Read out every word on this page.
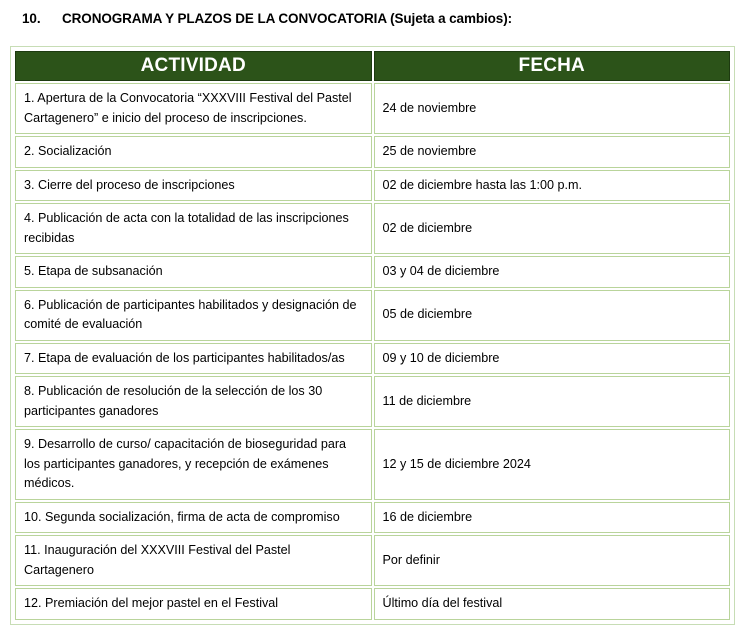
10.	CRONOGRAMA Y PLAZOS DE LA CONVOCATORIA (Sujeta a cambios):
ACTIVIDAD	FECHA

1. Apertura de la Convocatoria “XXXVIII Festival del Pastel Cartagenero” e inicio del proceso de inscripciones.	24 de noviembre

2. Socialización	25 de noviembre

3. Cierre del proceso de inscripciones	02 de diciembre hasta las 1:00 p.m.

4. Publicación de acta con la totalidad de las inscripciones recibidas	02 de diciembre

5. Etapa de subsanación	03 y 04 de diciembre

6. Publicación de participantes habilitados y designación de comité de evaluación	05 de diciembre

7. Etapa de evaluación de los participantes habilitados/as	09 y 10 de diciembre

8. Publicación de resolución de la selección de los 30 participantes ganadores	11 de diciembre

9. Desarrollo de curso/ capacitación de bioseguridad para los participantes ganadores, y recepción de exámenes médicos.	12 y 15 de diciembre 2024

10. Segunda socialización, firma de acta de compromiso	16 de diciembre

11. Inauguración del XXXVIII Festival del Pastel Cartagenero	Por definir

12. Premiación del mejor pastel en el Festival	Último día del festival
